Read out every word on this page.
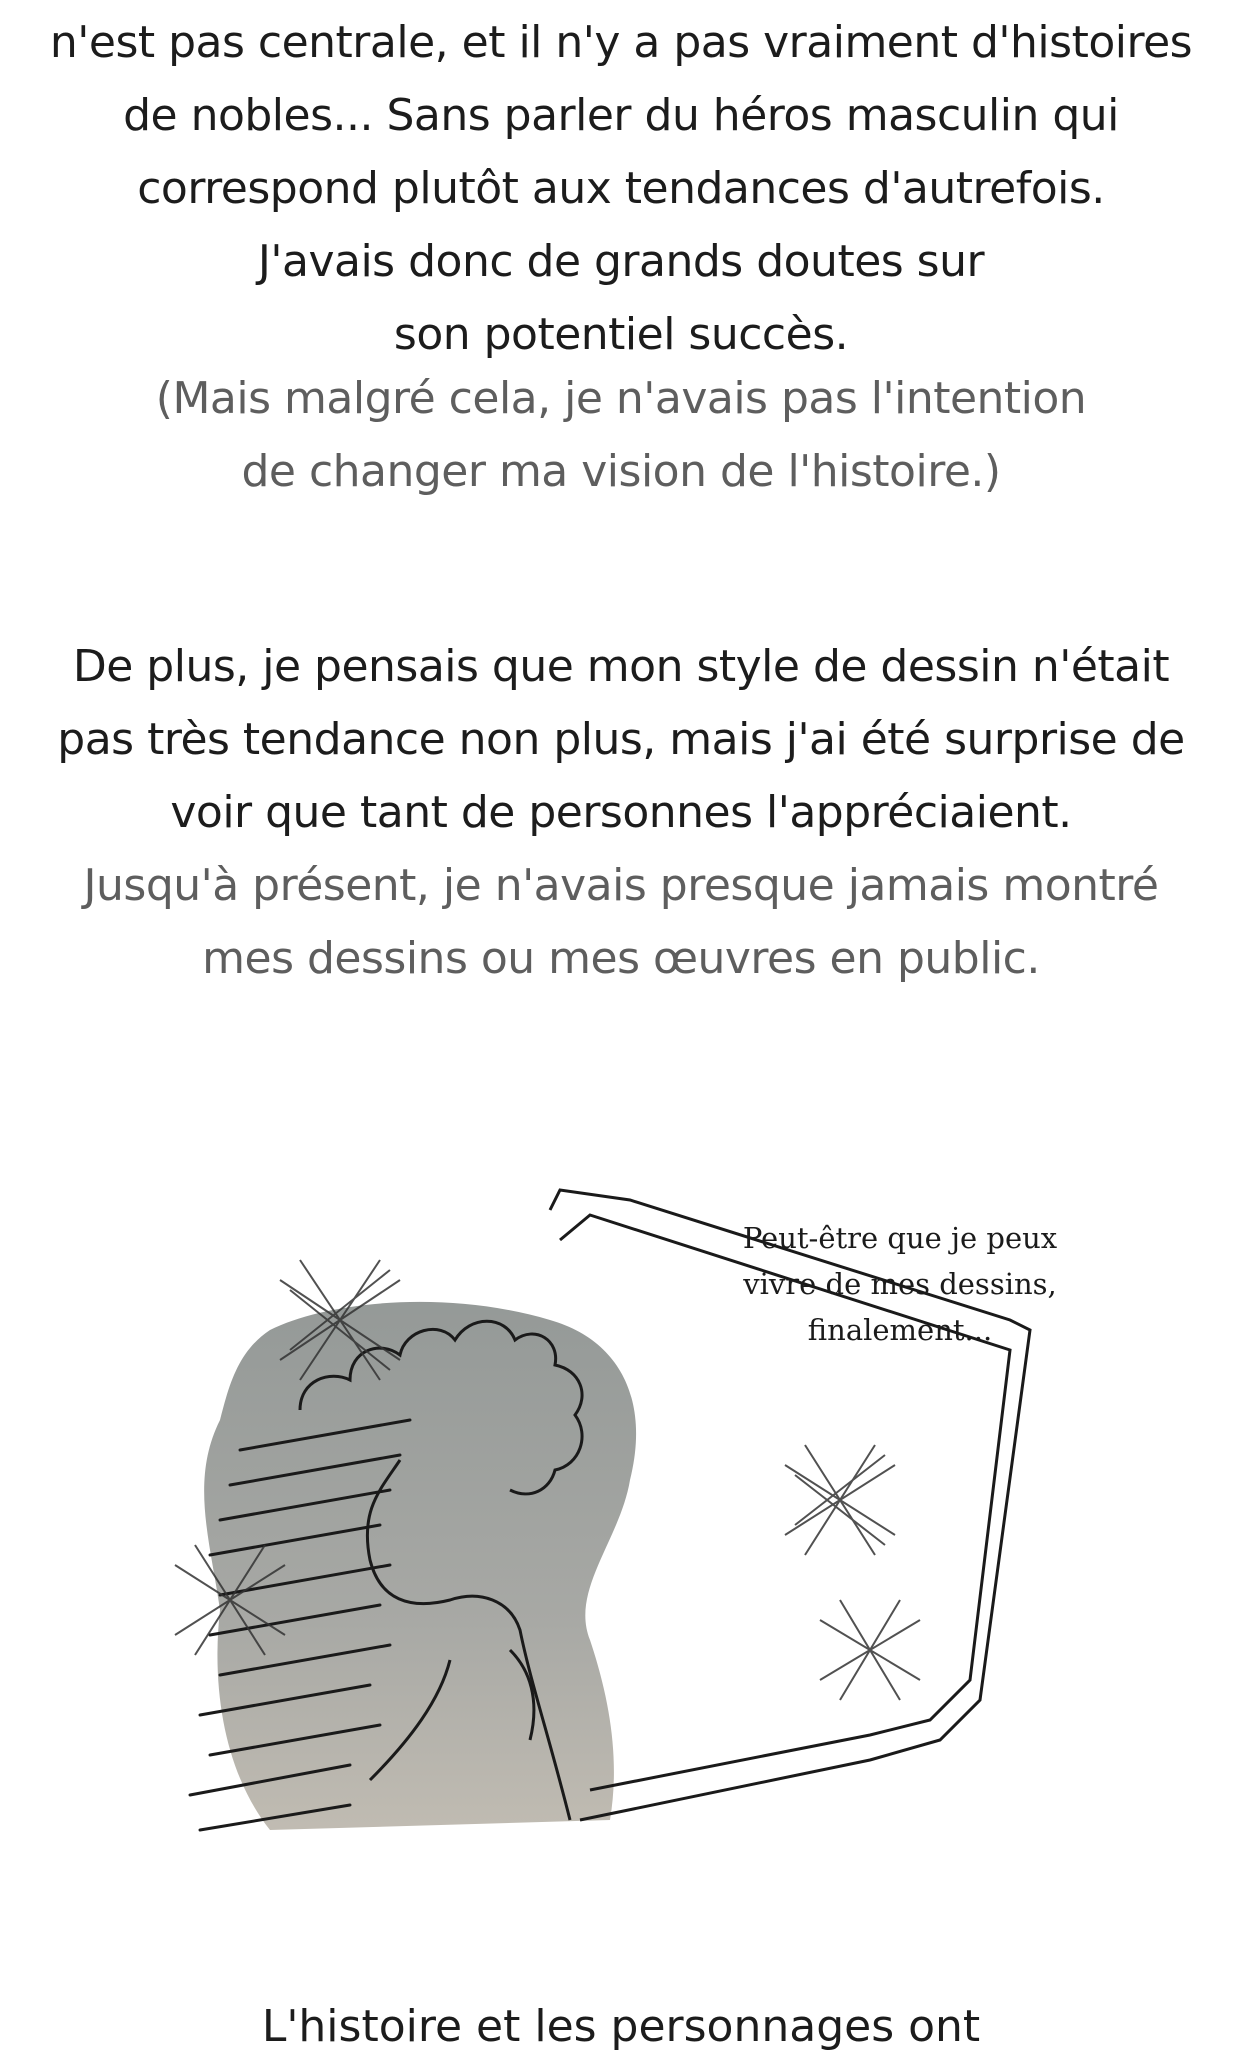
n'est pas centrale, et il n'y a pas vraiment d'histoires
de nobles... Sans parler du héros masculin qui
correspond plutôt aux tendances d'autrefois.
J'avais donc de grands doutes sur
son potentiel succès.
(Mais malgré cela, je n'avais pas l'intention
de changer ma vision de l'histoire.)
De plus, je pensais que mon style de dessin n'était
pas très tendance non plus, mais j'ai été surprise de
voir que tant de personnes l'appréciaient.
Jusqu'à présent, je n'avais presque jamais montré
mes dessins ou mes œuvres en public.
Peut-être que je peux
vivre de mes dessins,
finalement...
L'histoire et les personnages ont
